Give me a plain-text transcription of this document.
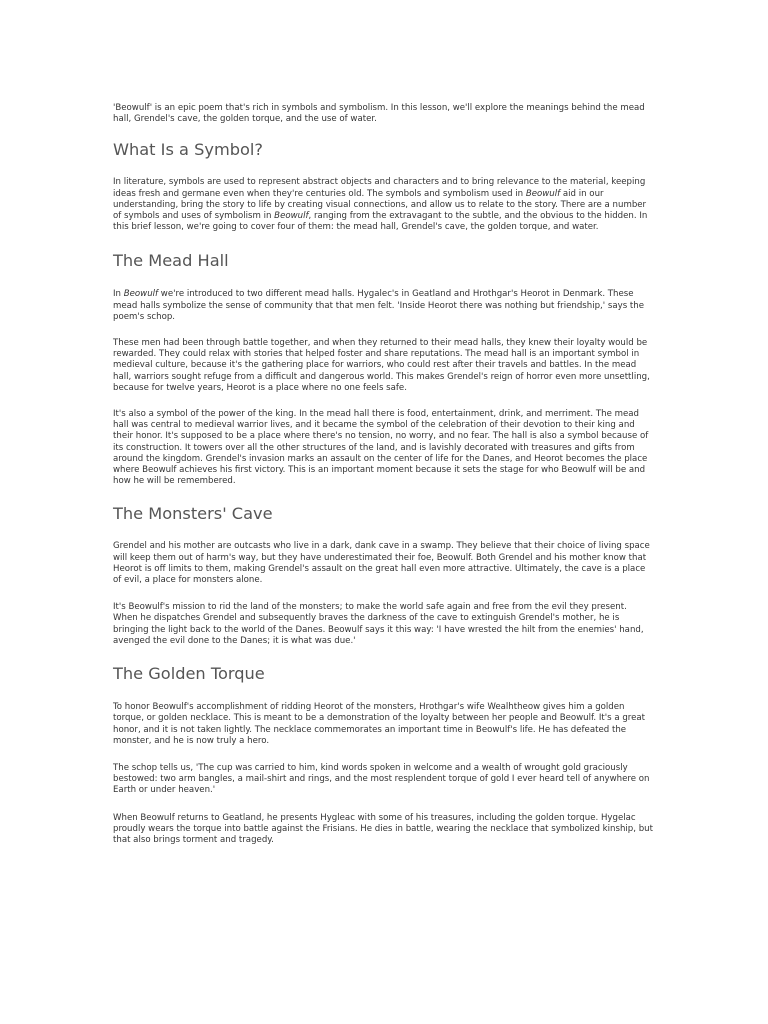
'Beowulf' is an epic poem that's rich in symbols and symbolism. In this lesson, we'll explore the meanings behind the mead hall, Grendel's cave, the golden torque, and the use of water.

What Is a Symbol?

In literature, symbols are used to represent abstract objects and characters and to bring relevance to the material, keeping ideas fresh and germane even when they're centuries old. The symbols and symbolism used in Beowulf aid in our understanding, bring the story to life by creating visual connections, and allow us to relate to the story. There are a number of symbols and uses of symbolism in Beowulf, ranging from the extravagant to the subtle, and the obvious to the hidden. In this brief lesson, we're going to cover four of them: the mead hall, Grendel's cave, the golden torque, and water.

The Mead Hall

In Beowulf we're introduced to two different mead halls. Hygalec's in Geatland and Hrothgar's Heorot in Denmark. These mead halls symbolize the sense of community that that men felt. 'Inside Heorot there was nothing but friendship,' says the poem's schop.

These men had been through battle together, and when they returned to their mead halls, they knew their loyalty would be rewarded. They could relax with stories that helped foster and share reputations. The mead hall is an important symbol in medieval culture, because it's the gathering place for warriors, who could rest after their travels and battles. In the mead hall, warriors sought refuge from a difficult and dangerous world. This makes Grendel's reign of horror even more unsettling, because for twelve years, Heorot is a place where no one feels safe.

It's also a symbol of the power of the king. In the mead hall there is food, entertainment, drink, and merriment. The mead hall was central to medieval warrior lives, and it became the symbol of the celebration of their devotion to their king and their honor. It's supposed to be a place where there's no tension, no worry, and no fear. The hall is also a symbol because of its construction. It towers over all the other structures of the land, and is lavishly decorated with treasures and gifts from around the kingdom. Grendel's invasion marks an assault on the center of life for the Danes, and Heorot becomes the place where Beowulf achieves his first victory. This is an important moment because it sets the stage for who Beowulf will be and how he will be remembered.

The Monsters' Cave

Grendel and his mother are outcasts who live in a dark, dank cave in a swamp. They believe that their choice of living space will keep them out of harm's way, but they have underestimated their foe, Beowulf. Both Grendel and his mother know that Heorot is off limits to them, making Grendel's assault on the great hall even more attractive. Ultimately, the cave is a place of evil, a place for monsters alone.

It's Beowulf's mission to rid the land of the monsters; to make the world safe again and free from the evil they present. When he dispatches Grendel and subsequently braves the darkness of the cave to extinguish Grendel's mother, he is bringing the light back to the world of the Danes. Beowulf says it this way: 'I have wrested the hilt from the enemies' hand, avenged the evil done to the Danes; it is what was due.'

The Golden Torque

To honor Beowulf's accomplishment of ridding Heorot of the monsters, Hrothgar's wife Wealhtheow gives him a golden torque, or golden necklace. This is meant to be a demonstration of the loyalty between her people and Beowulf. It's a great honor, and it is not taken lightly. The necklace commemorates an important time in Beowulf's life. He has defeated the monster, and he is now truly a hero.

The schop tells us, 'The cup was carried to him, kind words spoken in welcome and a wealth of wrought gold graciously bestowed: two arm bangles, a mail-shirt and rings, and the most resplendent torque of gold I ever heard tell of anywhere on Earth or under heaven.'

When Beowulf returns to Geatland, he presents Hygleac with some of his treasures, including the golden torque. Hygelac proudly wears the torque into battle against the Frisians. He dies in battle, wearing the necklace that symbolized kinship, but that also brings torment and tragedy.
